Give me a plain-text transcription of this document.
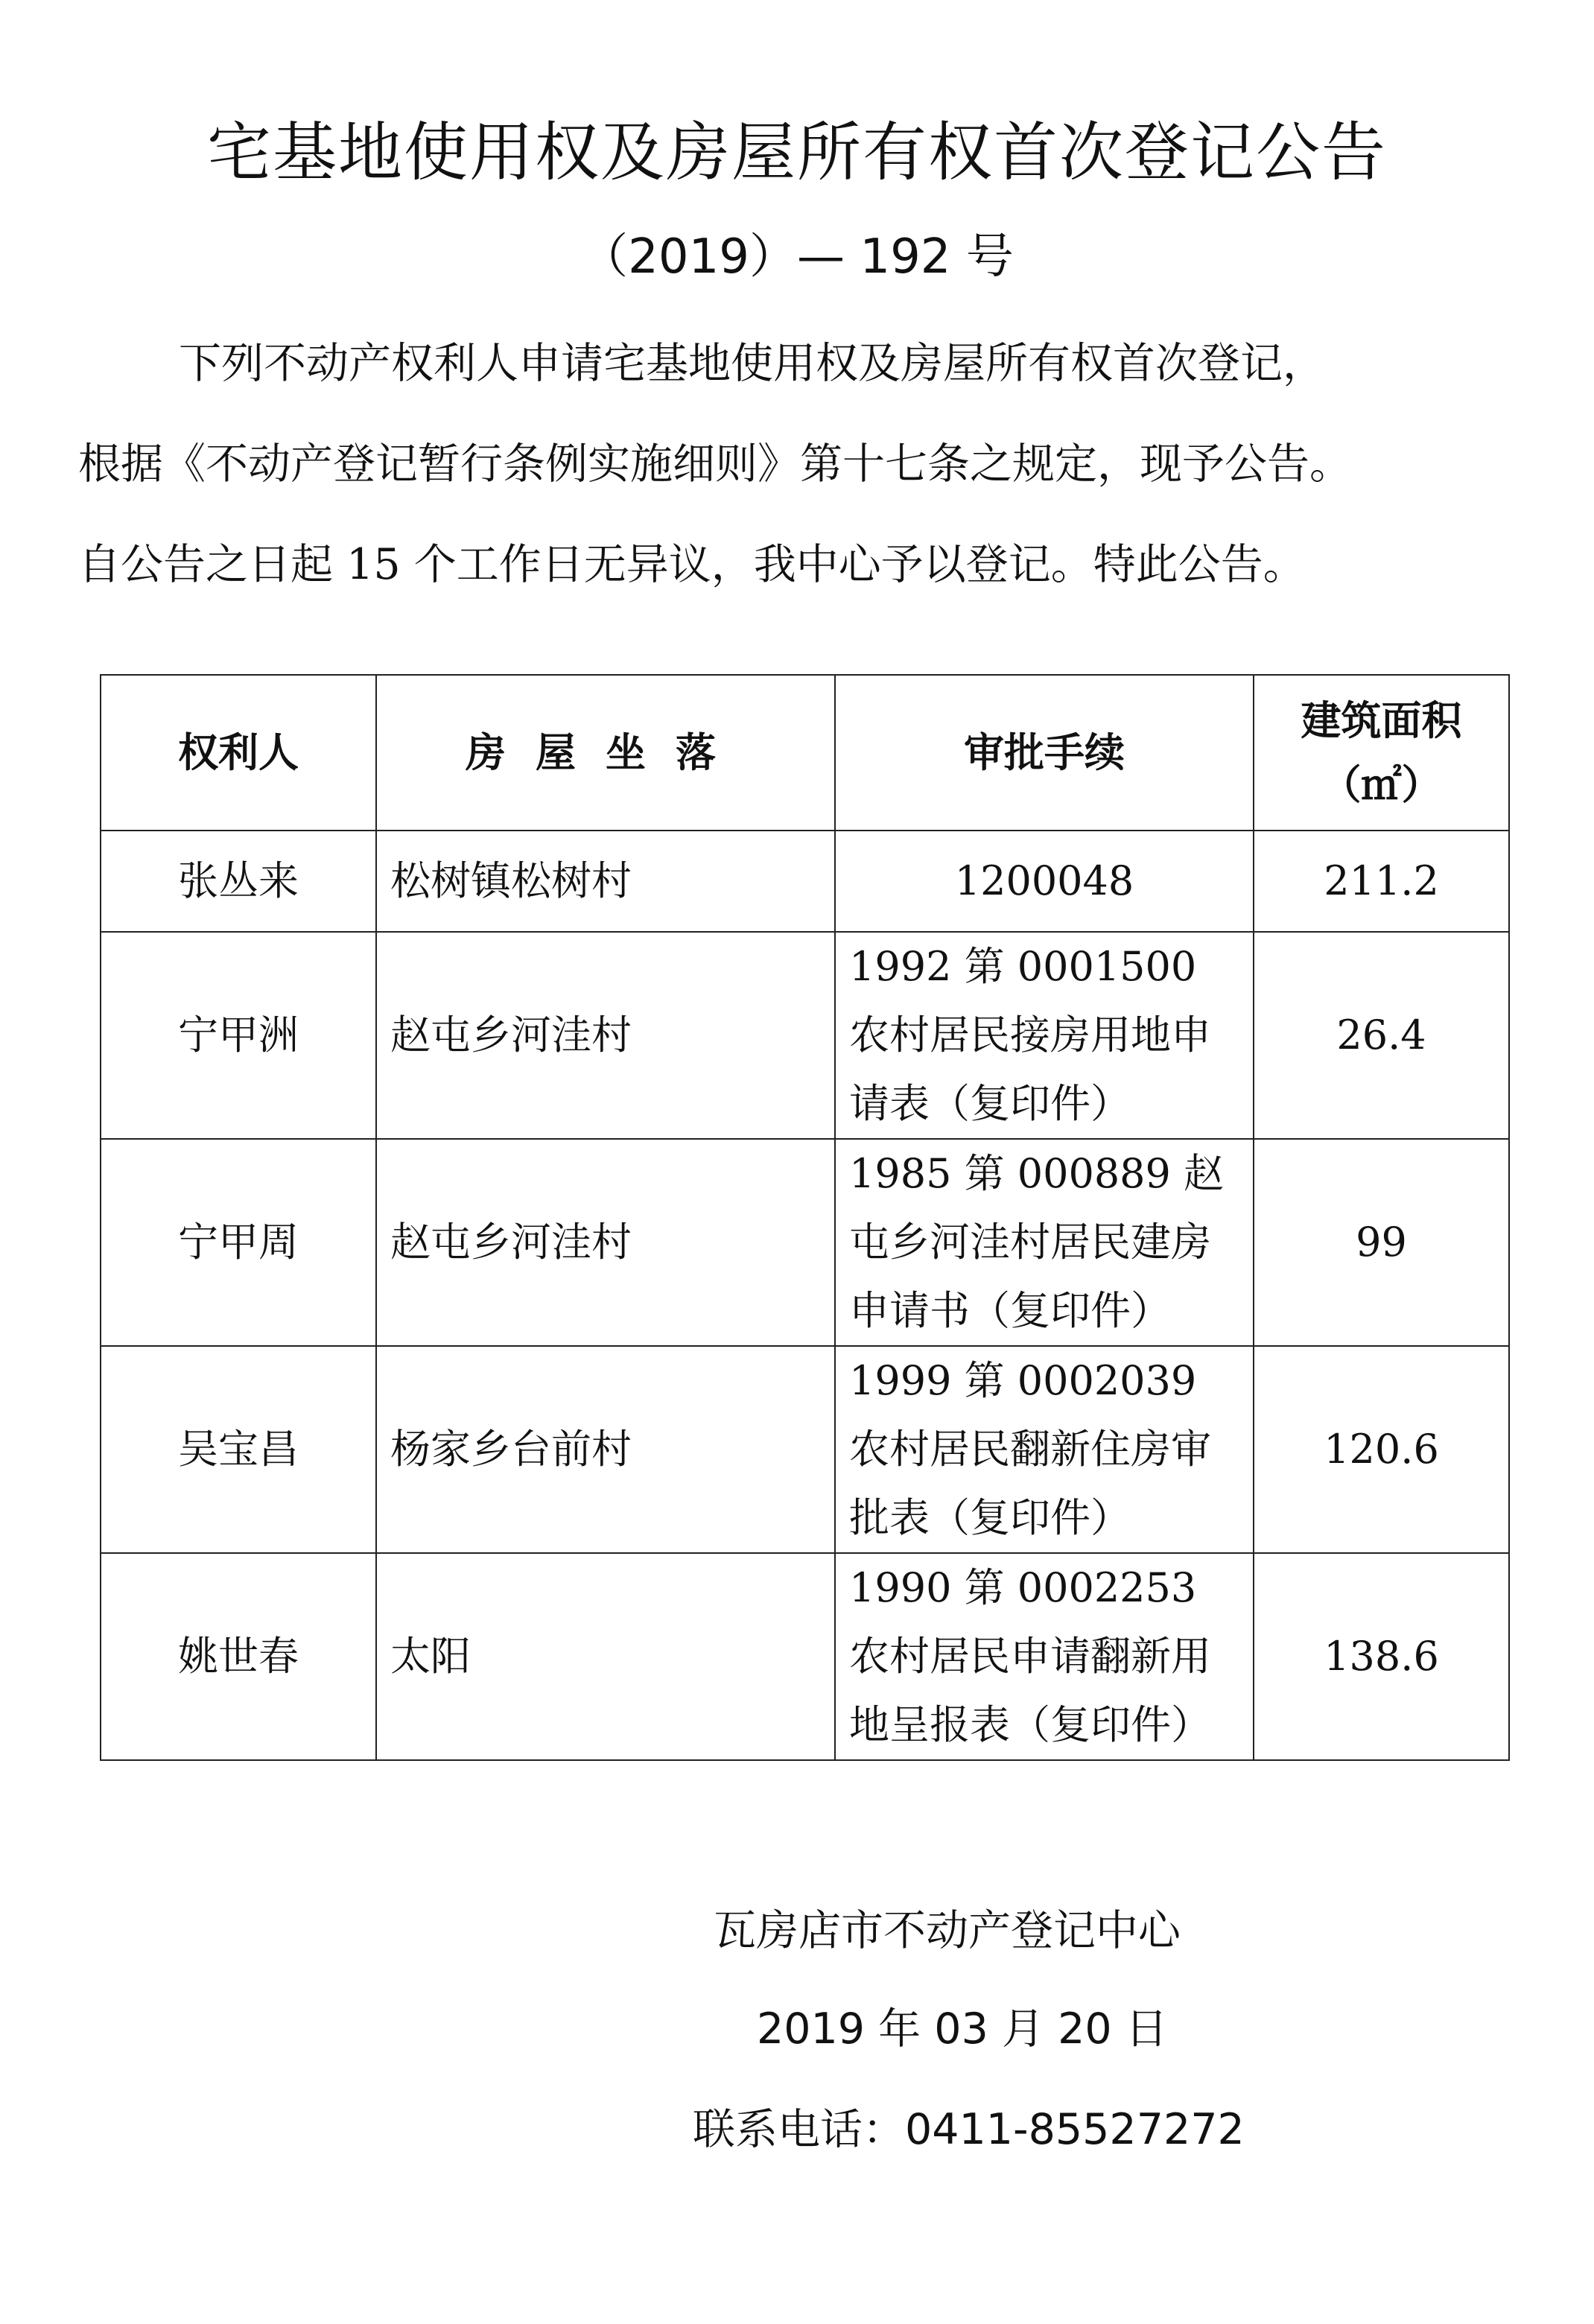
宅基地使用权及房屋所有权首次登记公告
（2019）— 192 号
下列不动产权利人申请宅基地使用权及房屋所有权首次登记，
根据《不动产登记暂行条例实施细则》第十七条之规定，现予公告。
自公告之日起 15 个工作日无异议，我中心予以登记。特此公告。
权利人	房屋坐落	审批手续	建筑面积
（㎡）

张丛来	松树镇松树村	1200048	211.2
宁甲洲	赵屯乡河洼村	1992 第 0001500 农村居民接房用地申请表（复印件）	26.4
宁甲周	赵屯乡河洼村	1985 第 000889 赵屯乡河洼村居民建房申请书（复印件）	99
吴宝昌	杨家乡台前村	1999 第 0002039 农村居民翻新住房审批表（复印件）	120.6
姚世春	太阳	1990 第 0002253 农村居民申请翻新用地呈报表（复印件）	138.6
瓦房店市不动产登记中心
2019 年 03 月 20 日
联系电话：0411-85527272
